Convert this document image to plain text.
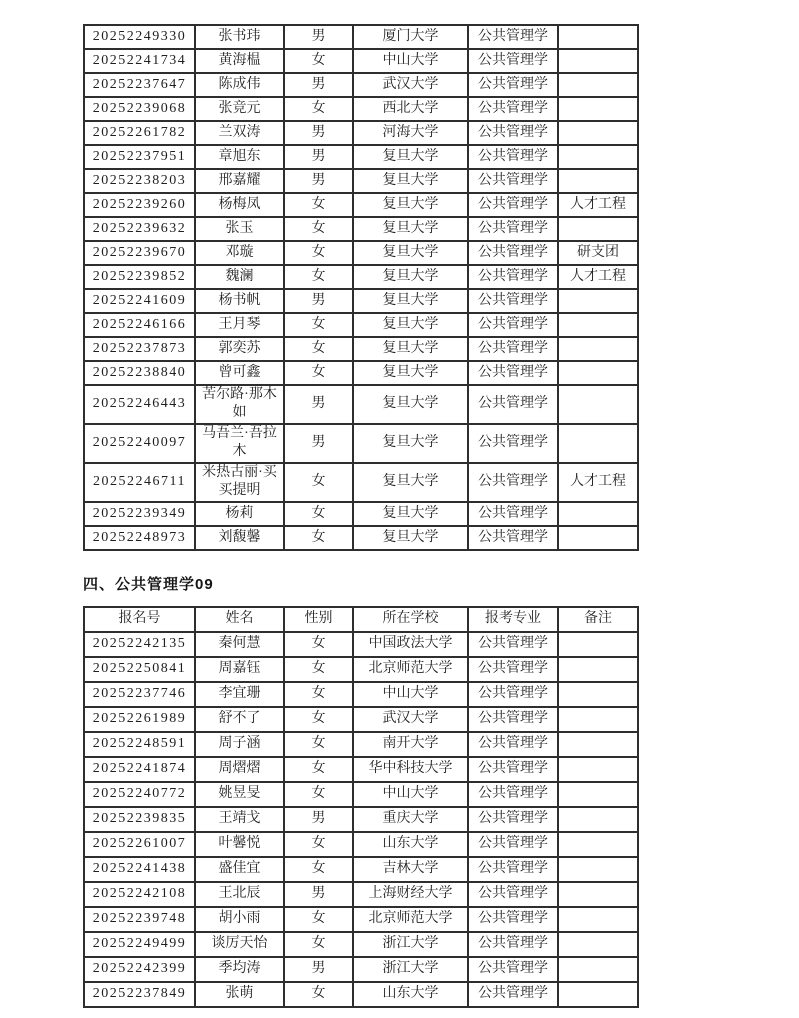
20252249330	张书玮	男	厦门大学	公共管理学	
20252241734	黄海榅	女	中山大学	公共管理学	
20252237647	陈成伟	男	武汉大学	公共管理学	
20252239068	张竞元	女	西北大学	公共管理学	
20252261782	兰双涛	男	河海大学	公共管理学	
20252237951	章旭东	男	复旦大学	公共管理学	
20252238203	邢嘉耀	男	复旦大学	公共管理学	
20252239260	杨梅凤	女	复旦大学	公共管理学	人才工程
20252239632	张玉	女	复旦大学	公共管理学	
20252239670	邓璇	女	复旦大学	公共管理学	研支团
20252239852	魏澜	女	复旦大学	公共管理学	人才工程
20252241609	杨书帆	男	复旦大学	公共管理学	
20252246166	王月琴	女	复旦大学	公共管理学	
20252237873	郭奕苏	女	复旦大学	公共管理学	
20252238840	曾可鑫	女	复旦大学	公共管理学	
20252246443	苦尔路·那木如	男	复旦大学	公共管理学	
20252240097	马吾兰·吾拉木	男	复旦大学	公共管理学	
20252246711	米热古丽·买买提明	女	复旦大学	公共管理学	人才工程
20252239349	杨莉	女	复旦大学	公共管理学	
20252248973	刘馥馨	女	复旦大学	公共管理学	
四、公共管理学09
报名号	姓名	性别	所在学校	报考专业	备注
20252242135	秦何慧	女	中国政法大学	公共管理学	
20252250841	周嘉钰	女	北京师范大学	公共管理学	
20252237746	李宜珊	女	中山大学	公共管理学	
20252261989	舒不了	女	武汉大学	公共管理学	
20252248591	周子涵	女	南开大学	公共管理学	
20252241874	周熠熠	女	华中科技大学	公共管理学	
20252240772	姚昱旻	女	中山大学	公共管理学	
20252239835	王靖戈	男	重庆大学	公共管理学	
20252261007	叶馨悦	女	山东大学	公共管理学	
20252241438	盛佳宜	女	吉林大学	公共管理学	
20252242108	王北辰	男	上海财经大学	公共管理学	
20252239748	胡小雨	女	北京师范大学	公共管理学	
20252249499	谈厉天怡	女	浙江大学	公共管理学	
20252242399	季均涛	男	浙江大学	公共管理学	
20252237849	张萌	女	山东大学	公共管理学	
